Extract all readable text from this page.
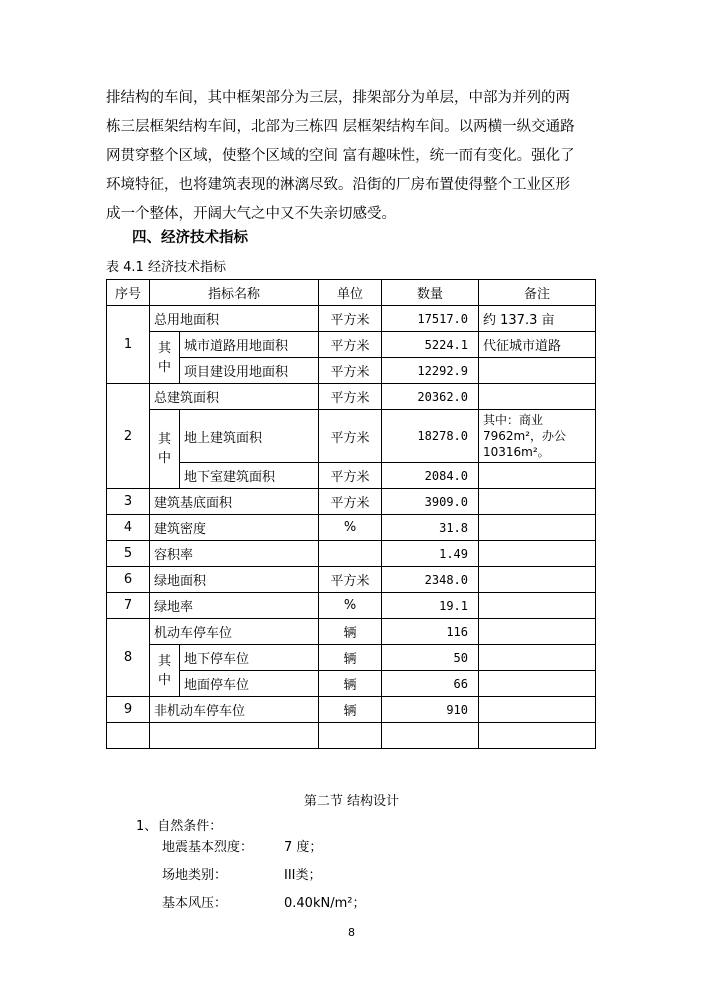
排结构的车间，其中框架部分为三层，排架部分为单层，中部为并列的两
栋三层框架结构车间，北部为三栋四 层框架结构车间。以两横一纵交通路
网贯穿整个区域，使整个区域的空间 富有趣味性，统一而有变化。强化了
环境特征，也将建筑表现的淋漓尽致。沿街的厂房布置使得整个工业区形
成一个整体，开阔大气之中又不失亲切感受。
四、经济技术指标
表 4.1 经济技术指标
序号	指标名称		单位	数量	备注
1	总用地面积		平方米	17517.0	约 137.3 亩
	其中	城市道路用地面积	平方米	5224.1	代征城市道路
		项目建设用地面积	平方米	12292.9	
2	总建筑面积		平方米	20362.0	
	其中	地上建筑面积	平方米	18278.0	其中：商业7962m²，办公10316m²。
		地下室建筑面积	平方米	2084.0	
3	建筑基底面积		平方米	3909.0	
4	建筑密度		%	31.8	
5	容积率			1.49	
6	绿地面积		平方米	2348.0	
7	绿地率		%	19.1	
8	机动车停车位		辆	116	
	其中	地下停车位	辆	50	
		地面停车位	辆	66	
9	非机动车停车位		辆	910	

第二节 结构设计
1、自然条件：
地震基本烈度： 7 度；
场地类别：	III类；
基本风压：	0.40kN/m²；
8
